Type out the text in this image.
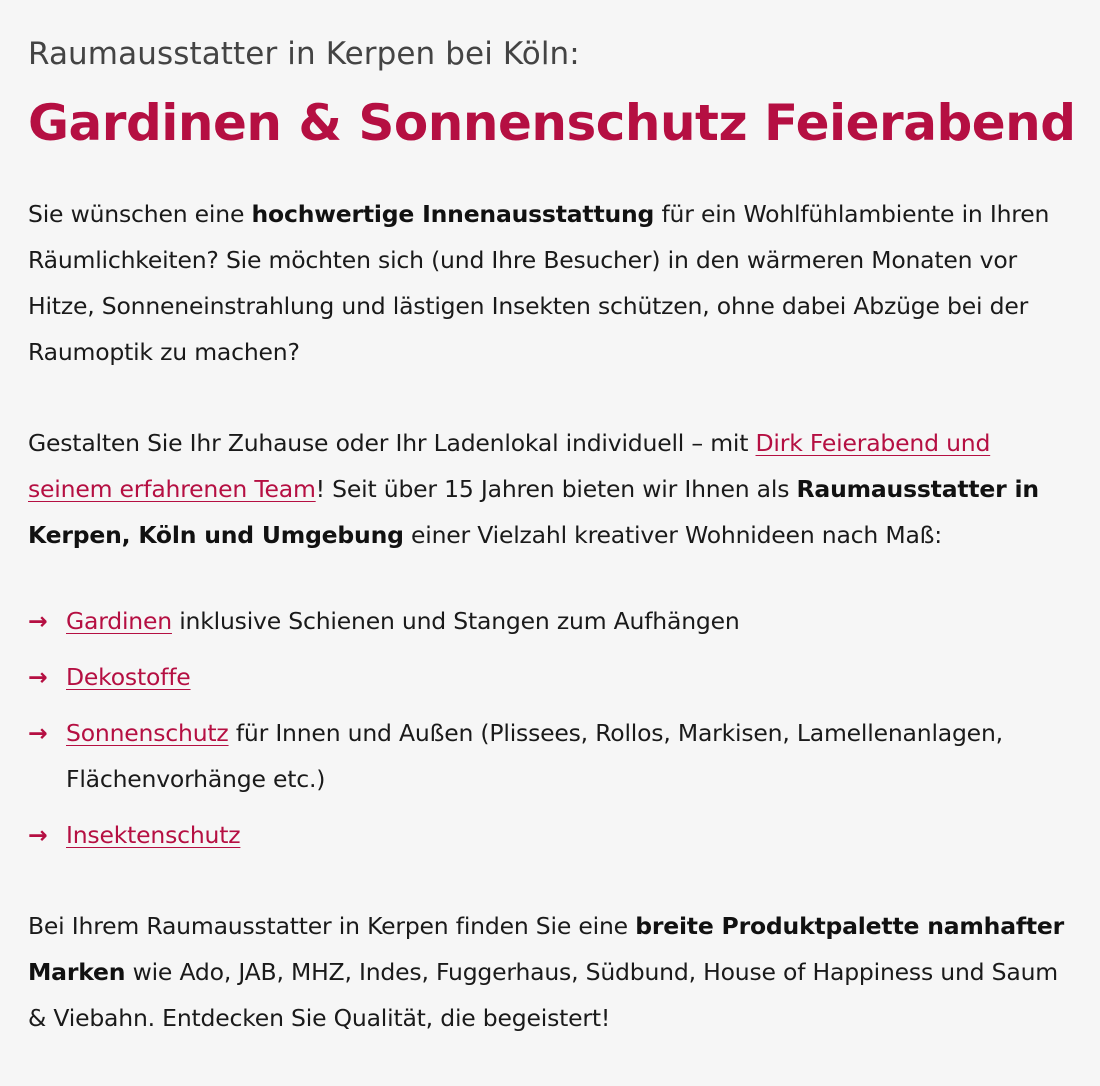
Raumausstatter in Kerpen bei Köln:
Gardinen & Sonnenschutz Feierabend

Sie wünschen eine hochwertige Innenausstattung für ein Wohlfühlambiente in Ihren Räumlichkeiten? Sie möchten sich (und Ihre Besucher) in den wärmeren Monaten vor Hitze, Sonneneinstrahlung und lästigen Insekten schützen, ohne dabei Abzüge bei der Raumoptik zu machen?

Gestalten Sie Ihr Zuhause oder Ihr Ladenlokal individuell – mit Dirk Feierabend und seinem erfahrenen Team! Seit über 15 Jahren bieten wir Ihnen als Raumausstatter in Kerpen, Köln und Umgebung einer Vielzahl kreativer Wohnideen nach Maß:

→ Gardinen inklusive Schienen und Stangen zum Aufhängen
→ Dekostoffe
→ Sonnenschutz für Innen und Außen (Plissees, Rollos, Markisen, Lamellenanlagen, Flächenvorhänge etc.)
→ Insektenschutz

Bei Ihrem Raumausstatter in Kerpen finden Sie eine breite Produktpalette namhafter Marken wie Ado, JAB, MHZ, Indes, Fuggerhaus, Südbund, House of Happiness und Saum & Viebahn. Entdecken Sie Qualität, die begeistert!
